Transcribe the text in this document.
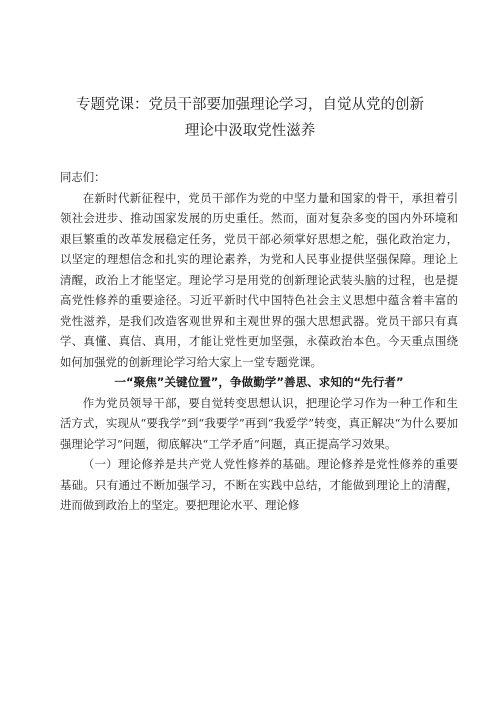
专题党课：党员干部要加强理论学习，自觉从党的创新
理论中汲取党性滋养

同志们：

在新时代新征程中，党员干部作为党的中坚力量和国家的骨干，承担着引领社会进步、推动国家发展的历史重任。然而，面对复杂多变的国内外环境和艰巨繁重的改革发展稳定任务，党员干部必须掌好思想之舵，强化政治定力，以坚定的理想信念和扎实的理论素养，为党和人民事业提供坚强保障。理论上清醒，政治上才能坚定。理论学习是用党的创新理论武装头脑的过程，也是提高党性修养的重要途径。习近平新时代中国特色社会主义思想中蕴含着丰富的党性滋养，是我们改造客观世界和主观世界的强大思想武器。党员干部只有真学、真懂、真信、真用，才能让党性更加坚强，永葆政治本色。今天重点围绕如何加强党的创新理论学习给大家上一堂专题党课。

一“聚焦”关键位置”，争做勤学”善思、求知的“先行者”

作为党员领导干部，要自觉转变思想认识，把理论学习作为一种工作和生活方式，实现从“要我学”到“我要学”再到“我爱学”转变，真正解决“为什么要加强理论学习”问题，彻底解决“工学矛盾”问题，真正提高学习效果。

（一）理论修养是共产党人党性修养的基础。理论修养是党性修养的重要基础。只有通过不断加强学习，不断在实践中总结，才能做到理论上的清醒，进而做到政治上的坚定。要把理论水平、理论修
